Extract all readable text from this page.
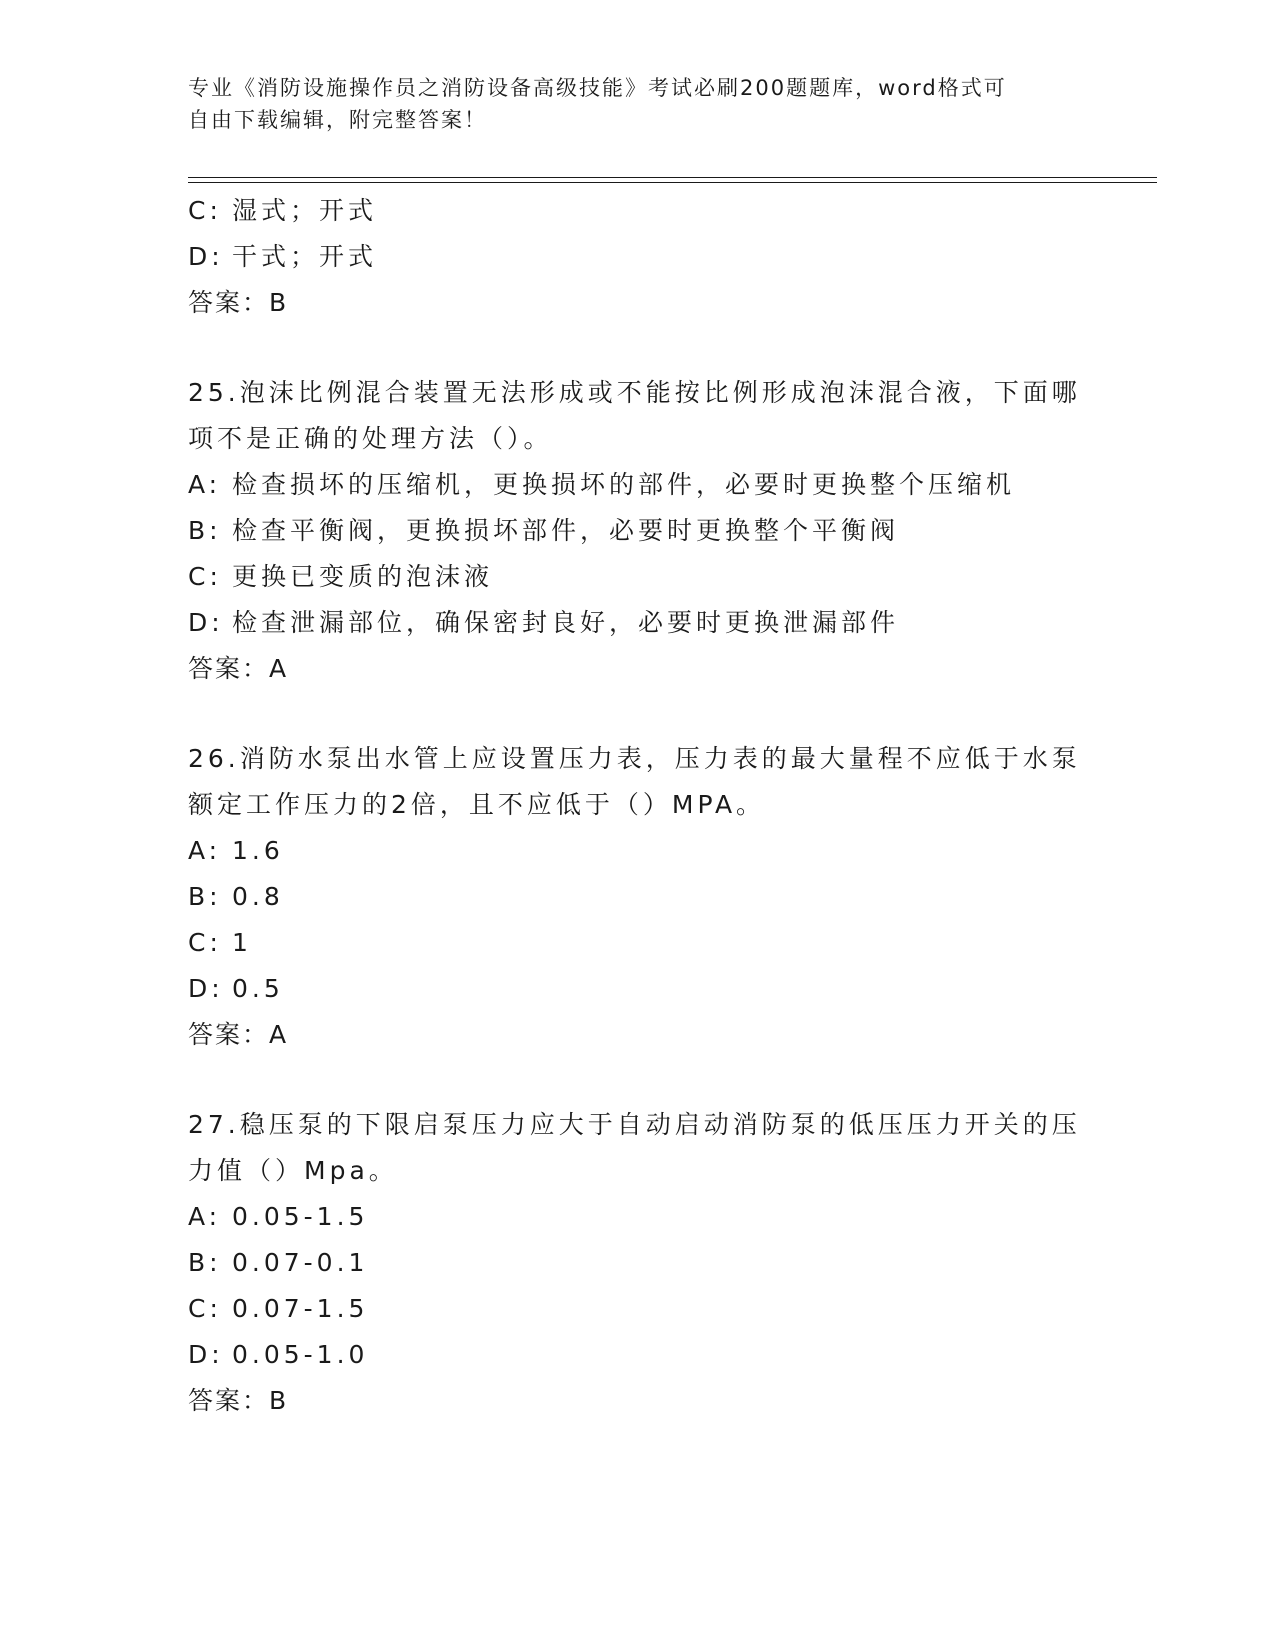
专业《消防设施操作员之消防设备高级技能》考试必刷200题题库，word格式可
自由下载编辑，附完整答案！
C: 湿式；开式
D: 干式；开式
答案：B
25.泡沫比例混合装置无法形成或不能按比例形成泡沫混合液，下面哪
项不是正确的处理方法（）。
A: 检查损坏的压缩机，更换损坏的部件，必要时更换整个压缩机
B: 检查平衡阀，更换损坏部件，必要时更换整个平衡阀
C: 更换已变质的泡沫液
D: 检查泄漏部位，确保密封良好，必要时更换泄漏部件
答案：A
26.消防水泵出水管上应设置压力表，压力表的最大量程不应低于水泵
额定工作压力的2倍，且不应低于（）MPA。
A: 1.6
B: 0.8
C: 1
D: 0.5
答案：A
27.稳压泵的下限启泵压力应大于自动启动消防泵的低压压力开关的压
力值（）Mpa。
A: 0.05-1.5
B: 0.07-0.1
C: 0.07-1.5
D: 0.05-1.0
答案：B
